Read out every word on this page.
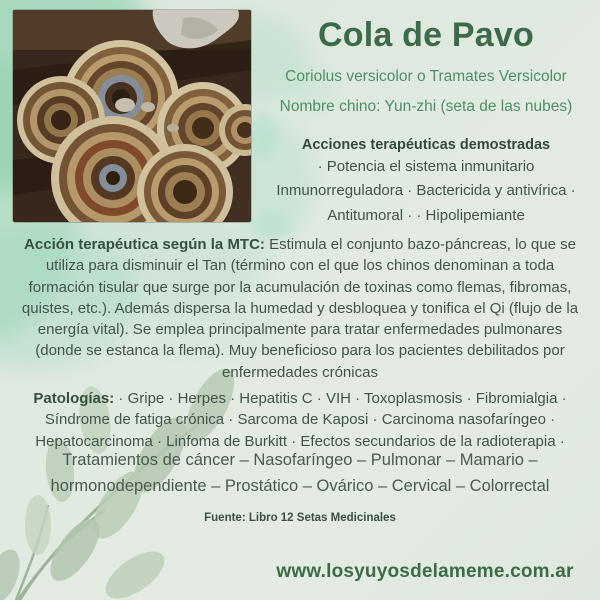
Cola de Pavo
Coriolus versicolor o Tramates Versicolor
Nombre chino: Yun-zhi (seta de las nubes)
Acciones terapéuticas demostradas
· Potencia el sistema inmunitario
Inmunorreguladora · Bactericida y antivírica ·
Antitumoral · · Hipolipemiante
Acción terapéutica según la MTC: Estimula el conjunto bazo-páncreas, lo que se utiliza para disminuir el Tan (término con el que los chinos denominan a toda formación tisular que surge por la acumulación de toxinas como flemas, fibromas, quistes, etc.). Además dispersa la humedad y desbloquea y tonifica el Qi (flujo de la energía vital). Se emplea principalmente para tratar enfermedades pulmonares (donde se estanca la flema). Muy beneficioso para los pacientes debilitados por enfermedades crónicas
Patologías: · Gripe · Herpes · Hepatitis C · VIH · Toxoplasmosis · Fibromialgia · Síndrome de fatiga crónica · Sarcoma de Kaposi · Carcinoma nasofaríngeo · Hepatocarcinoma · Linfoma de Burkitt · Efectos secundarios de la radioterapia ·
Tratamientos de cáncer – Nasofaríngeo – Pulmonar – Mamario – hormonodependiente – Prostático – Ovárico – Cervical – Colorrectal
Fuente: Libro 12 Setas Medicinales
www.losyuyosdelameme.com.ar
